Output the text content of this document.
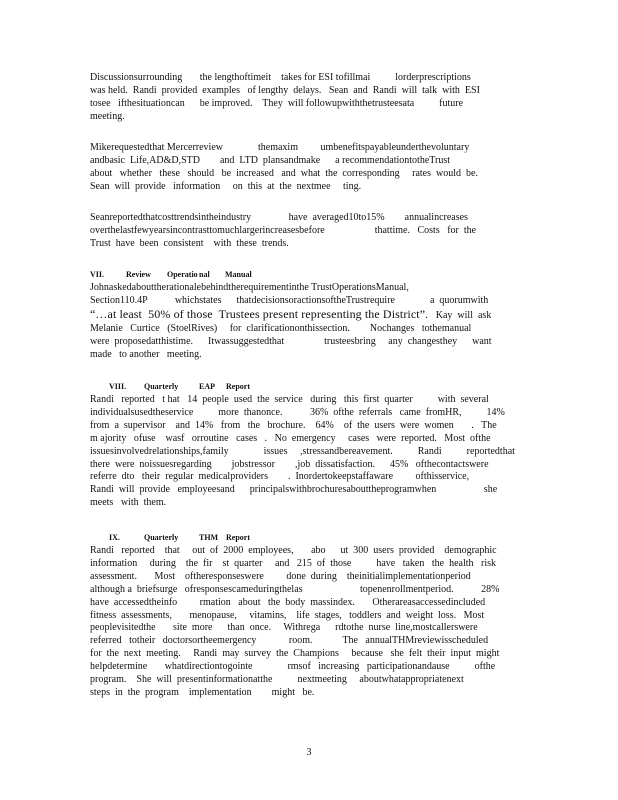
Discussionsurrounding       the lengthoftimeit    takes for ESI tofillmai          lorderprescriptions
was held.  Randi  provided  examples   of lengthy  delays.   Sean  and  Randi  will  talk  with  ESI
tosee   ifthesituationcan      be improved.    They  will followupwiththetrusteesata          future
meeting.
Mikerequestedthat Mercerreview              themaxim         umbenefitspayableunderthevoluntary
andbasic  Life,AD&D,STD        and  LTD  plansandmake      a recommendationtotheTrust
about   whether   these   should   be  increased   and  what  the  corresponding     rates  would  be.
Sean  will  provide   information     on  this  at  the  nextmee     ting.
Seanreportedthatcosttrendsintheindustry               have  averaged10to15%        annualincreases
overthelastfewyearsincontrasttomuchlargerincreasesbefore                    thattime.   Costs   for  the
Trust  have  been  consistent    with  these  trends.
VII.	Review Operational Manual
Johnaskedabouttherationalebehindtherequirementinthe TrustOperationsManual,
Section110.4P           whichstates      thatdecisionsoractionsoftheTrustrequire              a  quorumwith
“…at least  50% of those  Trustees present representing the District”. Kay  will  ask
Melanie   Curtice   (StoelRives)     for  clarificationonthissection.        Nochanges   tothemanual
were  proposedatthistime.      Itwassuggestedthat                trusteesbring     any  changesthey      want
made   to another   meeting.
VIII. Quarterly	EAP Report
Randi   reported   t hat   14  people  used  the  service   during   this  first  quarter          with  several
individualsusedtheservice          more  thanonce.           36%  ofthe  referrals   came  fromHR,          14%
from  a  supervisor    and  14%   from   the   brochure.    64%    of  the  users  were  women       .   The
m ajority   ofuse    wasf   orroutine   cases   .   No  emergency     cases   were  reported.   Most  ofthe
issuesinvolvedrelationships,family              issues     ,stressandbereavement.          Randi          reportedthat
there  were  noissuesregarding        jobstressor        ,job  dissatisfaction.      45%   ofthecontactswere
referre  dto   their  regular  medicalproviders        .  Inordertokeepstaffaware         ofthisservice,
Randi  will  provide   employeesand      principalswithbrochuresabouttheprogramwhen                   she
meets   with  them.
IX.	Quarterly	THM Report
Randi   reported    that     out  of  2000  employees,       abo      ut  300  users  provided    demographic
information     during    the  fir    st  quarter     and   215  of  those          have   taken   the  health   risk
assessment.       Most    oftheresponseswere         done  during    theinitialimplementationperiod
although a  briefsurge   ofresponsescameduringthelas                       topenenrollmentperiod.           28%
have  accessedtheinfo         rmation   about   the  body  massindex.       Otherareasaccessedincluded
fitness  assessments,       menopause,     vitamins,    life  stages,   toddlers  and  weight  loss.   Most
peoplevisitedthe       site  more      than  once.     Withrega      rdtothe  nurse  line,mostcallerswere
referred   totheir   doctorsortheemergency             room.            The   annualTHMreviewisscheduled
for  the  next  meeting.     Randi  may  survey  the  Champions     because   she  felt  their  input  might
helpdetermine       whatdirectiontogointe              rmsof   increasing   participationandause          ofthe
program.    She  will  presentinformationatthe          nextmeeting     aboutwhatappropriatenext
steps  in  the  program    implementation        might   be.
3
